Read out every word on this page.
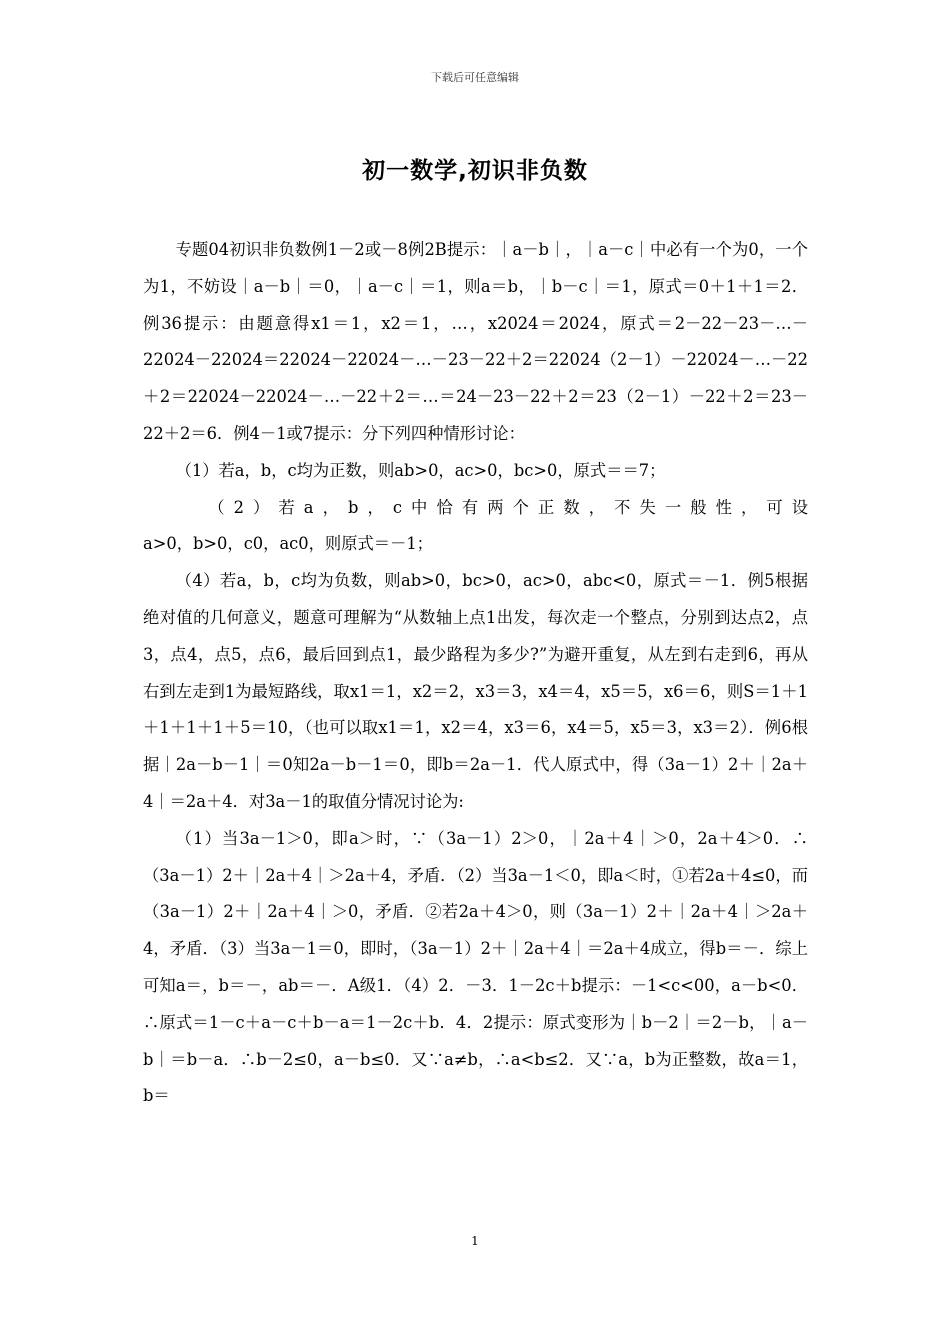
下载后可任意编辑
初一数学,初识非负数

专题04初识非负数例1－2或－8例2B提示：｜a－b｜，｜a－c｜中必有一个为0，一个为1，不妨设｜a－b｜＝0，｜a－c｜＝1，则a＝b，｜b－c｜＝1，原式＝0＋1＋1＝2．例36提示：由题意得x1＝1，x2＝1，…，x2024＝2024，原式＝2－22－23－…－22024－22024＝22024－22024－…－23－22＋2＝22024（2－1）－22024－…－22＋2＝22024－22024－…－22＋2＝…＝24－23－22＋2＝23（2－1）－22＋2＝23－22＋2＝6．例4－1或7提示：分下列四种情形讨论：

（1）若a，b，c均为正数，则ab>0，ac>0，bc>0，原式＝＝7；

（2）若a，b，c中恰有两个正数，不失一般性，可设

a>0，b>0，c0，ac0，则原式＝－1；

（4）若a，b，c均为负数，则ab>0，bc>0，ac>0，abc<0，原式＝－1．例5根据绝对值的几何意义，题意可理解为“从数轴上点1出发，每次走一个整点，分别到达点2，点3，点4，点5，点6，最后回到点1，最少路程为多少?”为避开重复，从左到右走到6，再从右到左走到1为最短路线，取x1＝1，x2＝2，x3＝3，x4＝4，x5＝5，x6＝6，则S＝1＋1＋1＋1＋1＋5＝10，（也可以取x1＝1，x2＝4，x3＝6，x4＝5，x5＝3，x3＝2）．例6根据｜2a－b－1｜＝0知2a－b－1＝0，即b＝2a－1．代人原式中，得（3a－1）2＋｜2a＋4｜＝2a＋4．对3a－1的取值分情况讨论为:

（1）当3a－1＞0，即a＞时，∵（3a－1）2＞0，｜2a＋4｜＞0，2a＋4＞0．∴（3a－1）2＋｜2a＋4｜＞2a＋4，矛盾．（2）当3a－1＜0，即a＜时，①若2a＋4≤0，而（3a－1）2＋｜2a＋4｜＞0，矛盾．②若2a＋4＞0，则（3a－1）2＋｜2a＋4｜＞2a＋4，矛盾．（3）当3a－1＝0，即时，（3a－1）2＋｜2a＋4｜＝2a＋4成立，得b＝－．综上可知a＝，b＝－，ab＝－．A级1．（4）2．－3．1－2c＋b提示：－1<c<00，a－b<0．∴原式＝1－c＋a－c＋b－a＝1－2c＋b．4．2提示：原式变形为｜b－2｜＝2－b，｜a－b｜＝b－a．∴b－2≤0，a－b≤0．又∵a≠b，∴a<b≤2．又∵a，b为正整数，故a＝1，b＝

1
